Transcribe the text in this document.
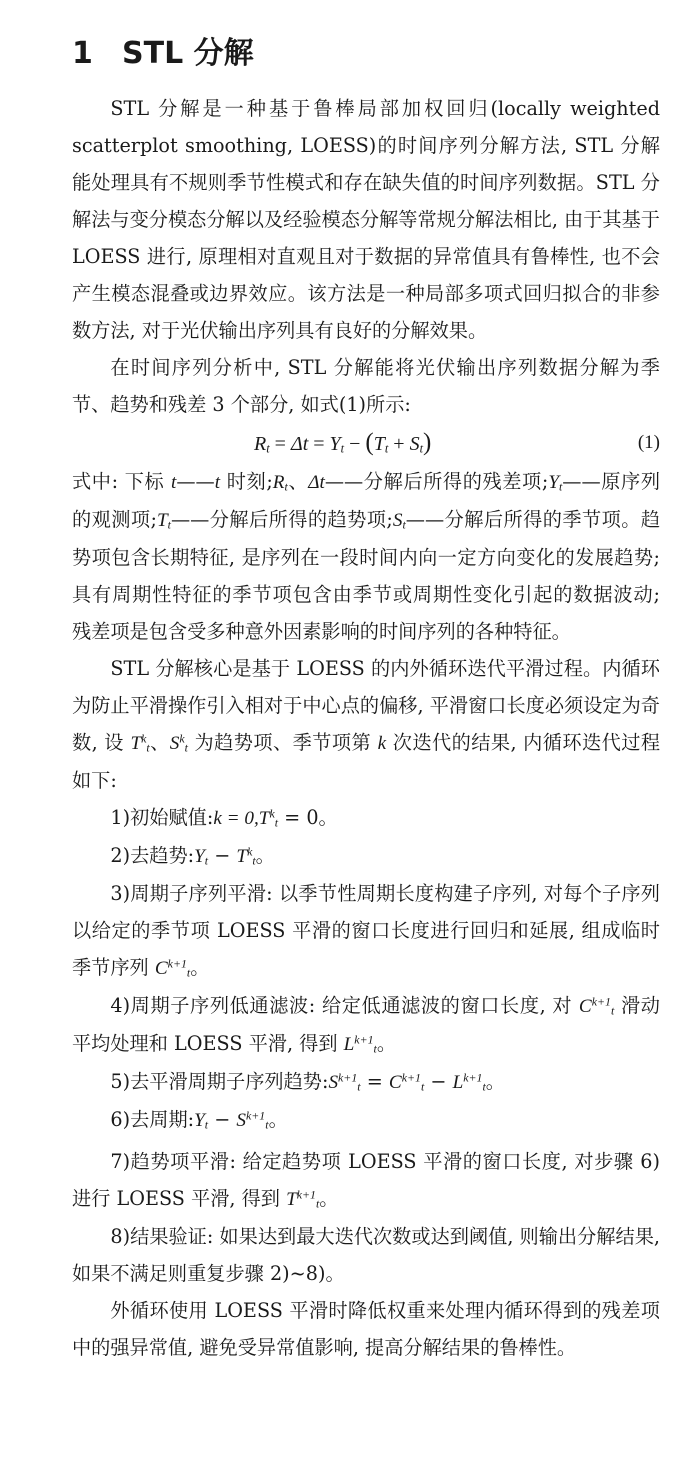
1 STL 分解

STL 分解是一种基于鲁棒局部加权回归(locally weighted scatterplot smoothing, LOESS)的时间序列分解方法, STL 分解能处理具有不规则季节性模式和存在缺失值的时间序列数据。STL 分解法与变分模态分解以及经验模态分解等常规分解法相比, 由于其基于 LOESS 进行, 原理相对直观且对于数据的异常值具有鲁棒性, 也不会产生模态混叠或边界效应。该方法是一种局部多项式回归拟合的非参数方法, 对于光伏输出序列具有良好的分解效果。

在时间序列分析中, STL 分解能将光伏输出序列数据分解为季节、趋势和残差 3 个部分, 如式(1)所示:

$R_t = \Delta t = Y_t - (T_t + S_t)$	(1)

式中: 下标 t——t 时刻$;R_t$、Δt——分解后所得的残差项$;Y_t——$原序列的观测项$;T_t——$分解后所得的趋势项$;S_t——$分解后所得的季节项。趋势项包含长期特征, 是序列在一段时间内向一定方向变化的发展趋势; 具有周期性特征的季节项包含由季节或周期性变化引起的数据波动; 残差项是包含受多种意外因素影响的时间序列的各种特征。

STL 分解核心是基于 LOESS 的内外循环迭代平滑过程。内循环为防止平滑操作引入相对于中心点的偏移, 平滑窗口长度必须设定为奇数, 设 $T^k_t$、$S^k_t$ 为趋势项、季节项第 k 次迭代的结果, 内循环迭代过程如下:

1)初始赋值:k = $0,T^k_t = 0$。

2)去趋势$:Y_t - T^k_t$。

3)周期子序列平滑: 以季节性周期长度构建子序列, 对每个子序列以给定的季节项 LOESS 平滑的窗口长度进行回归和延展, 组成临时季节序列 $C^{k+1}_t$。

4)周期子序列低通滤波: 给定低通滤波的窗口长度, 对 $C^{k+1}_t$ 滑动平均处理和 LOESS 平滑, 得到 $L^{k+1}_t$。

5)去平滑周期子序列趋势$:S^{k+1}_t = C^{k+1}_t - L^{k+1}_t$。

6)去周期$:Y_t - S^{k+1}_t$。

7)趋势项平滑: 给定趋势项 LOESS 平滑的窗口长度, 对步骤 6)进行 LOESS 平滑, 得到 $T^{k+1}_t$。

8)结果验证: 如果达到最大迭代次数或达到阈值, 则输出分解结果, 如果不满足则重复步骤 2)~8)。

外循环使用 LOESS 平滑时降低权重来处理内循环得到的残差项中的强异常值, 避免受异常值影响, 提高分解结果的鲁棒性。
